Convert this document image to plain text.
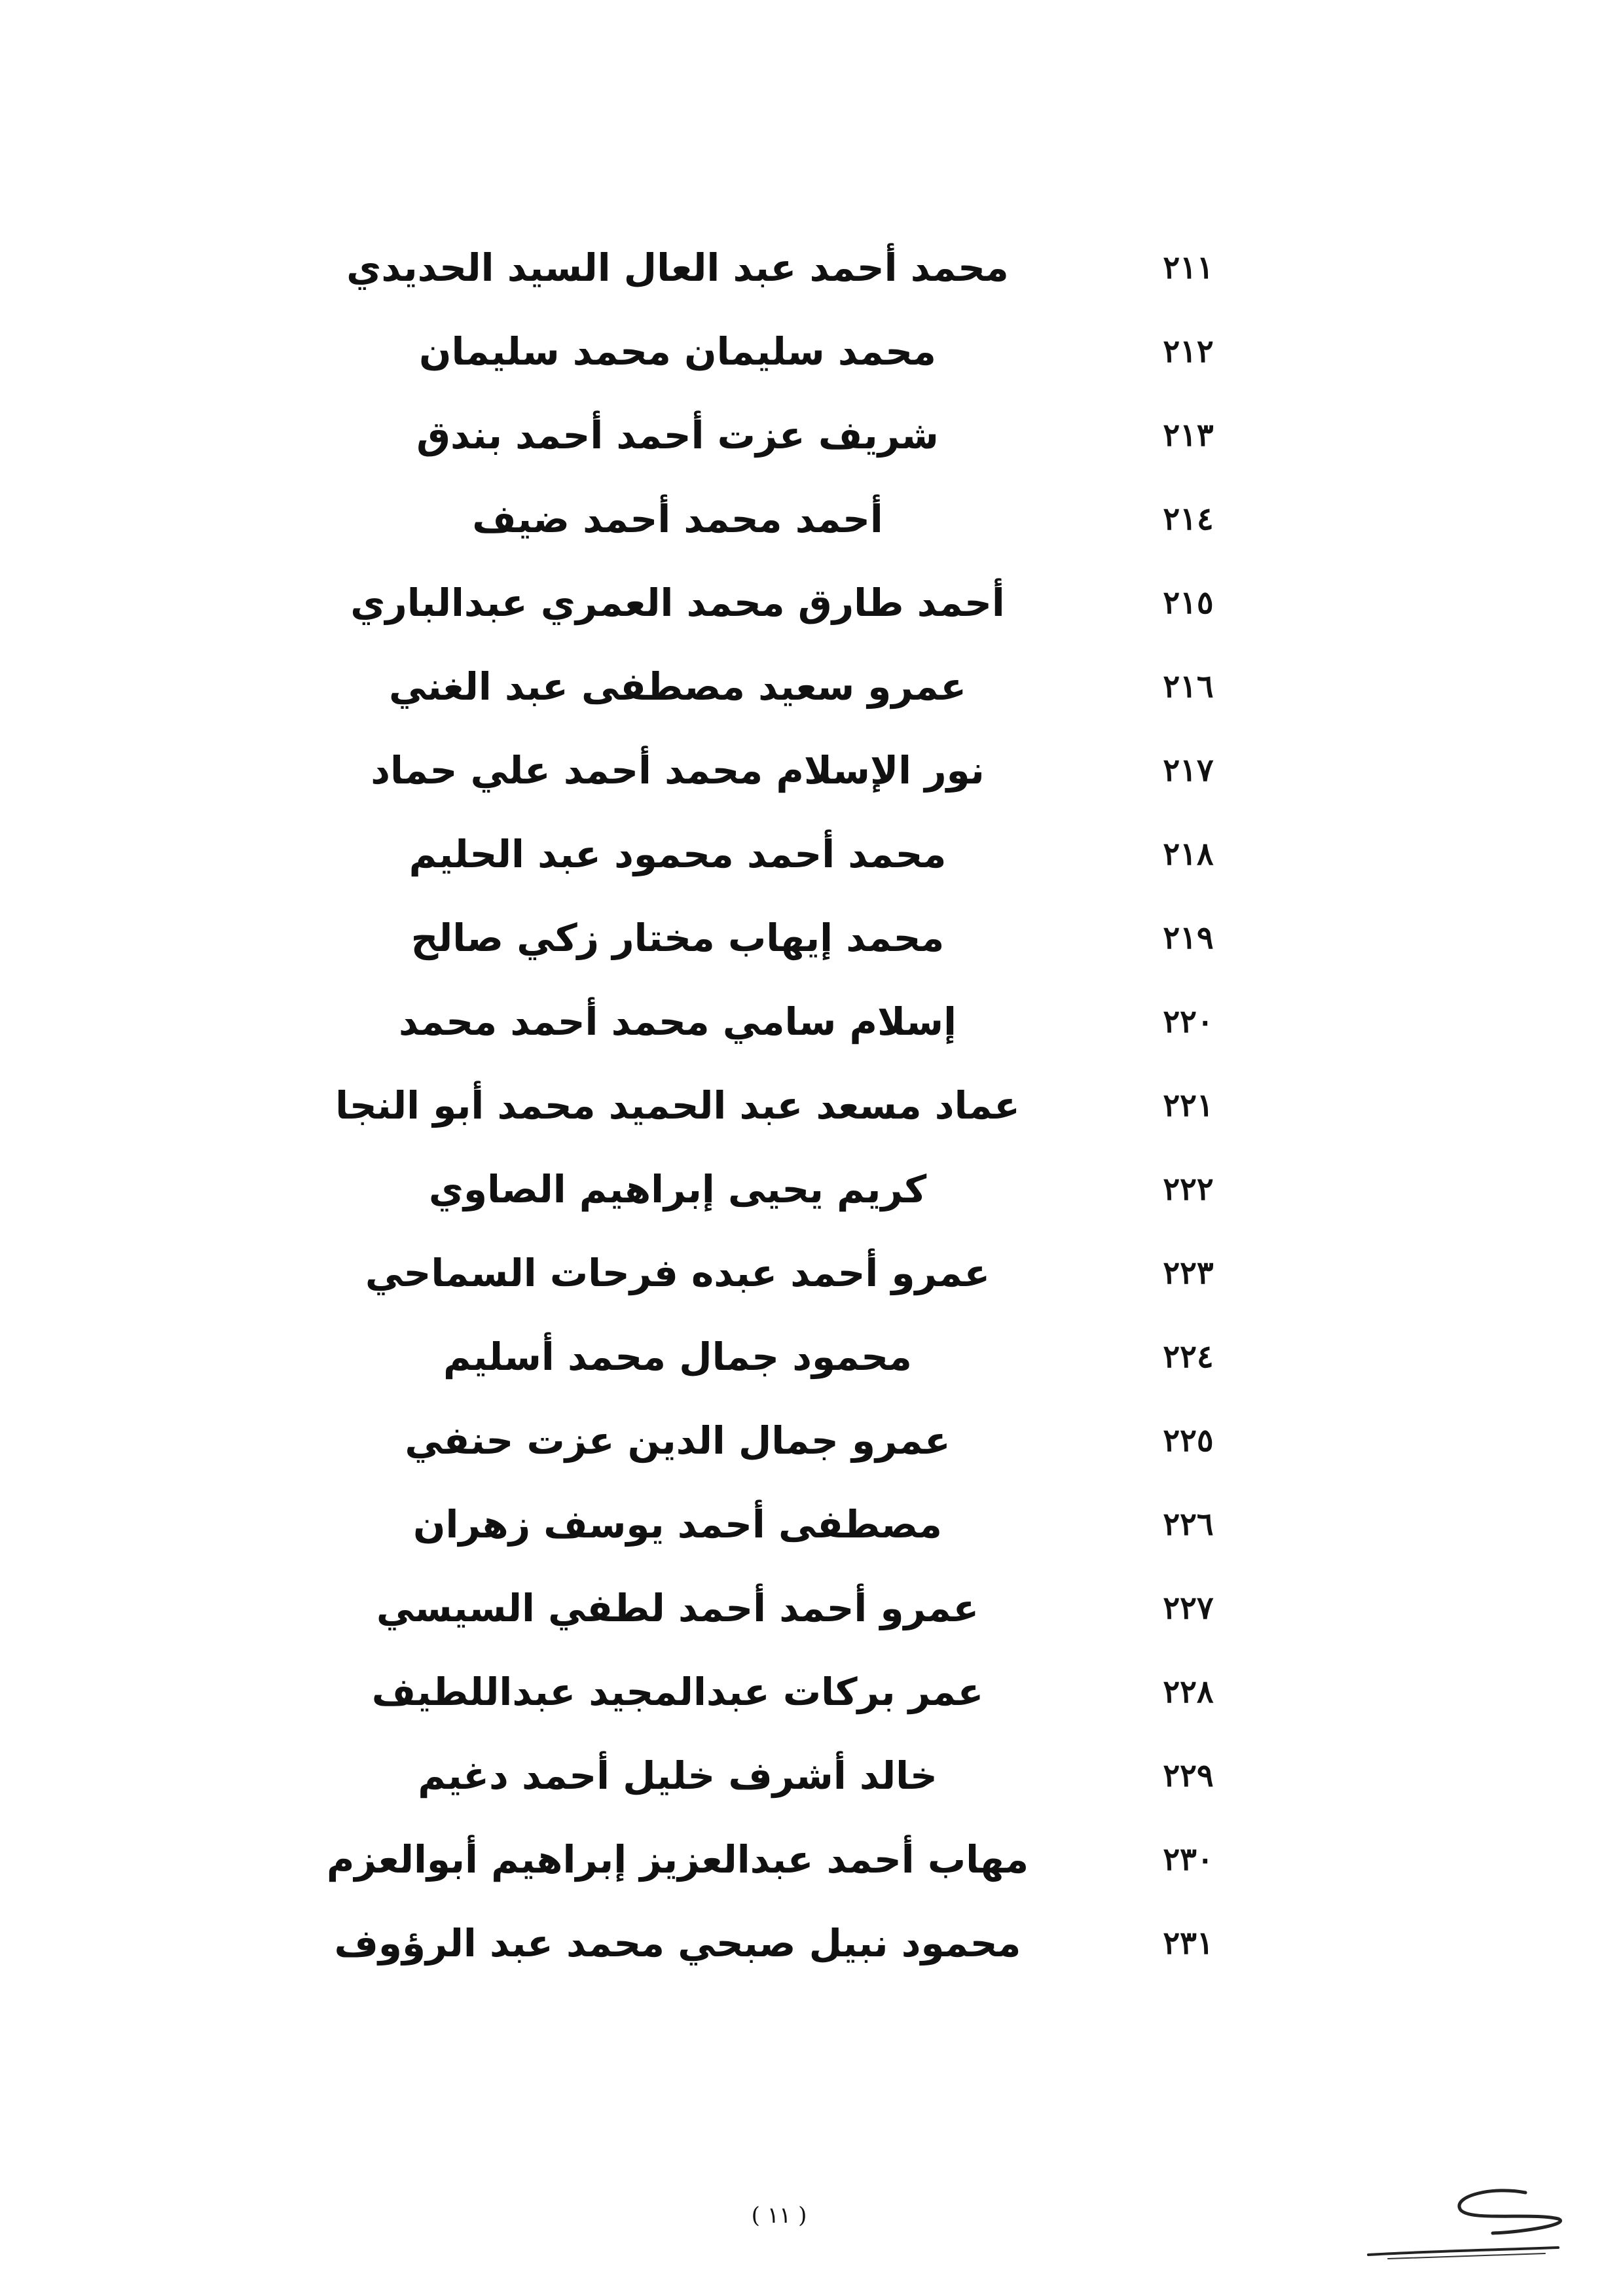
٢١١
محمد أحمد عبد العال السيد الحديدي
٢١٢
محمد سليمان محمد سليمان
٢١٣
شريف عزت أحمد أحمد بندق
٢١٤
أحمد محمد أحمد ضيف
٢١٥
أحمد طارق محمد العمري عبدالباري
٢١٦
عمرو سعيد مصطفى عبد الغني
٢١٧
نور الإسلام محمد أحمد علي حماد
٢١٨
محمد أحمد محمود عبد الحليم
٢١٩
محمد إيهاب مختار زكي صالح
٢٢٠
إسلام سامي محمد أحمد محمد
٢٢١
عماد مسعد عبد الحميد محمد أبو النجا
٢٢٢
كريم يحيى إبراهيم الصاوي
٢٢٣
عمرو أحمد عبده فرحات السماحي
٢٢٤
محمود جمال محمد أسليم
٢٢٥
عمرو جمال الدين عزت حنفي
٢٢٦
مصطفى أحمد يوسف زهران
٢٢٧
عمرو أحمد أحمد لطفي السيسي
٢٢٨
عمر بركات عبدالمجيد عبداللطيف
٢٢٩
خالد أشرف خليل أحمد دغيم
٢٣٠
مهاب أحمد عبدالعزيز إبراهيم أبوالعزم
٢٣١
محمود نبيل صبحي محمد عبد الرؤوف
( ١١ )
